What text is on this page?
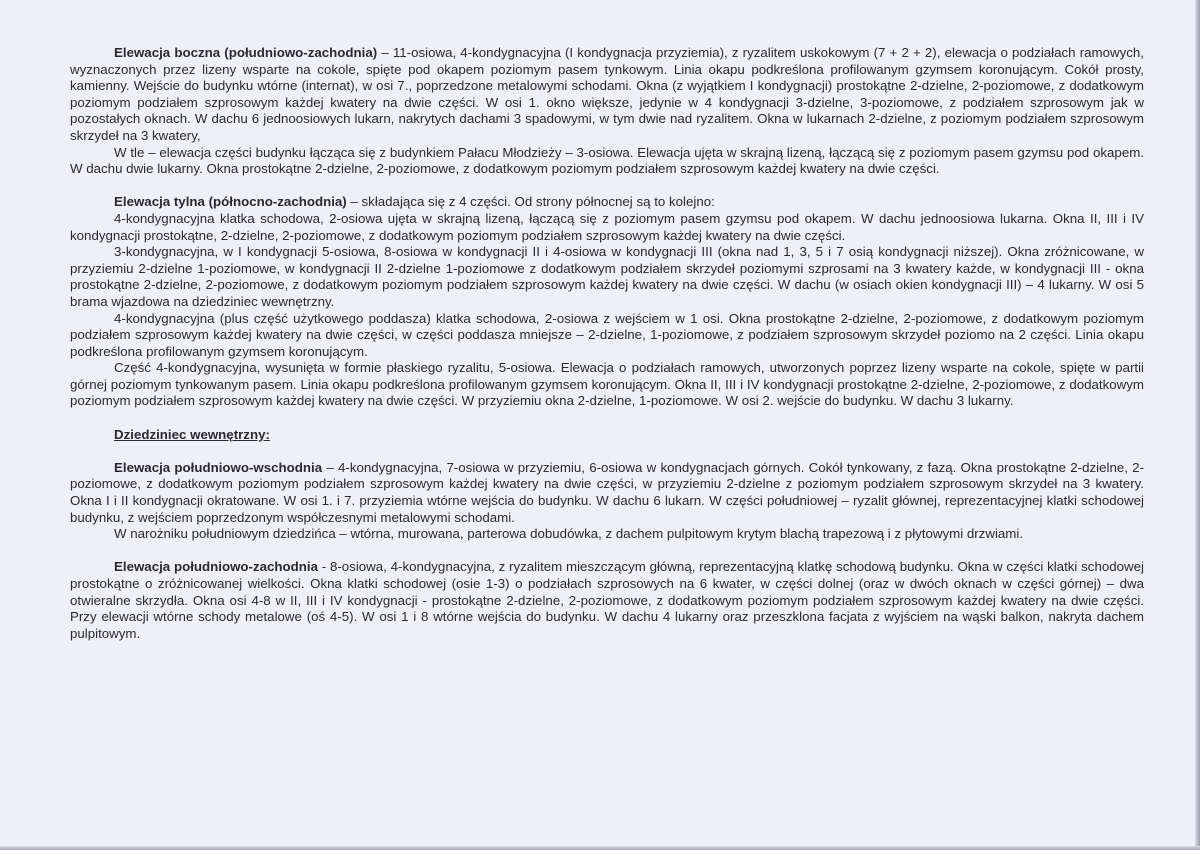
Elewacja boczna (południowo-zachodnia) – 11-osiowa, 4-kondygnacyjna (I kondygnacja przyziemia), z ryzalitem uskokowym (7 + 2 + 2), elewacja o podziałach ramowych, wyznaczonych przez lizeny wsparte na cokole, spięte pod okapem poziomym pasem tynkowym. Linia okapu podkreślona profilowanym gzymsem koronującym. Cokół prosty, kamienny. Wejście do budynku wtórne (internat), w osi 7., poprzedzone metalowymi schodami. Okna (z wyjątkiem I kondygnacji) prostokątne 2-dzielne, 2-poziomowe, z dodatkowym poziomym podziałem szprosowym każdej kwatery na dwie części. W osi 1. okno większe, jedynie w 4 kondygnacji 3-dzielne, 3-poziomowe, z podziałem szprosowym jak w pozostałych oknach. W dachu 6 jednoosiowych lukarn, nakrytych dachami 3 spadowymi, w tym dwie nad ryzalitem. Okna w lukarnach 2-dzielne, z poziomym podziałem szprosowym skrzydeł na 3 kwatery,

W tle – elewacja części budynku łącząca się z budynkiem Pałacu Młodzieży – 3-osiowa. Elewacja ujęta w skrajną lizeną, łączącą się z poziomym pasem gzymsu pod okapem. W dachu dwie lukarny. Okna prostokątne 2-dzielne, 2-poziomowe, z dodatkowym poziomym podziałem szprosowym każdej kwatery na dwie części.

Elewacja tylna (północno-zachodnia) – składająca się z 4 części. Od strony północnej są to kolejno:

4-kondygnacyjna klatka schodowa, 2-osiowa ujęta w skrajną lizeną, łączącą się z poziomym pasem gzymsu pod okapem. W dachu jednoosiowa lukarna. Okna II, III i IV kondygnacji prostokątne, 2-dzielne, 2-poziomowe, z dodatkowym poziomym podziałem szprosowym każdej kwatery na dwie części.

3-kondygnacyjna, w I kondygnacji 5-osiowa, 8-osiowa w kondygnacji II i 4-osiowa w kondygnacji III (okna nad 1, 3, 5 i 7 osią kondygnacji niższej). Okna zróżnicowane, w przyziemiu 2-dzielne 1-poziomowe, w kondygnacji II 2-dzielne 1-poziomowe z dodatkowym podziałem skrzydeł poziomymi szprosami na 3 kwatery każde, w kondygnacji III - okna prostokątne 2-dzielne, 2-poziomowe, z dodatkowym poziomym podziałem szprosowym każdej kwatery na dwie części. W dachu (w osiach okien kondygnacji III) – 4 lukarny. W osi 5 brama wjazdowa na dziedziniec wewnętrzny.

4-kondygnacyjna (plus część użytkowego poddasza) klatka schodowa, 2-osiowa z wejściem w 1 osi. Okna prostokątne 2-dzielne, 2-poziomowe, z dodatkowym poziomym podziałem szprosowym każdej kwatery na dwie części, w części poddasza mniejsze – 2-dzielne, 1-poziomowe, z podziałem szprosowym skrzydeł poziomo na 2 części. Linia okapu podkreślona profilowanym gzymsem koronującym.

Część 4-kondygnacyjna, wysunięta w formie płaskiego ryzalitu, 5-osiowa. Elewacja o podziałach ramowych, utworzonych poprzez lizeny wsparte na cokole, spięte w partii górnej poziomym tynkowanym pasem. Linia okapu podkreślona profilowanym gzymsem koronującym. Okna II, III i IV kondygnacji prostokątne 2-dzielne, 2-poziomowe, z dodatkowym poziomym podziałem szprosowym każdej kwatery na dwie części. W przyziemiu okna 2-dzielne, 1-poziomowe. W osi 2. wejście do budynku. W dachu 3 lukarny.

Dziedziniec wewnętrzny:

Elewacja południowo-wschodnia – 4-kondygnacyjna, 7-osiowa w przyziemiu, 6-osiowa w kondygnacjach górnych. Cokół tynkowany, z fazą. Okna prostokątne 2-dzielne, 2-poziomowe, z dodatkowym poziomym podziałem szprosowym każdej kwatery na dwie części, w przyziemiu 2-dzielne z poziomym podziałem szprosowym skrzydeł na 3 kwatery. Okna I i II kondygnacji okratowane. W osi 1. i 7. przyziemia wtórne wejścia do budynku. W dachu 6 lukarn. W części południowej – ryzalit głównej, reprezentacyjnej klatki schodowej budynku, z wejściem poprzedzonym współczesnymi metalowymi schodami.

W narożniku południowym dziedzińca – wtórna, murowana, parterowa dobudówka, z dachem pulpitowym krytym blachą trapezową i z płytowymi drzwiami.

Elewacja południowo-zachodnia - 8-osiowa, 4-kondygnacyjna, z ryzalitem mieszczącym główną, reprezentacyjną klatkę schodową budynku. Okna w części klatki schodowej prostokątne o zróżnicowanej wielkości. Okna klatki schodowej (osie 1-3) o podziałach szprosowych na 6 kwater, w części dolnej (oraz w dwóch oknach w części górnej) – dwa otwieralne skrzydła. Okna osi 4-8 w II, III i IV kondygnacji - prostokątne 2-dzielne, 2-poziomowe, z dodatkowym poziomym podziałem szprosowym każdej kwatery na dwie części. Przy elewacji wtórne schody metalowe (oś 4-5). W osi 1 i 8 wtórne wejścia do budynku. W dachu 4 lukarny oraz przeszklona facjata z wyjściem na wąski balkon, nakryta dachem pulpitowym.
